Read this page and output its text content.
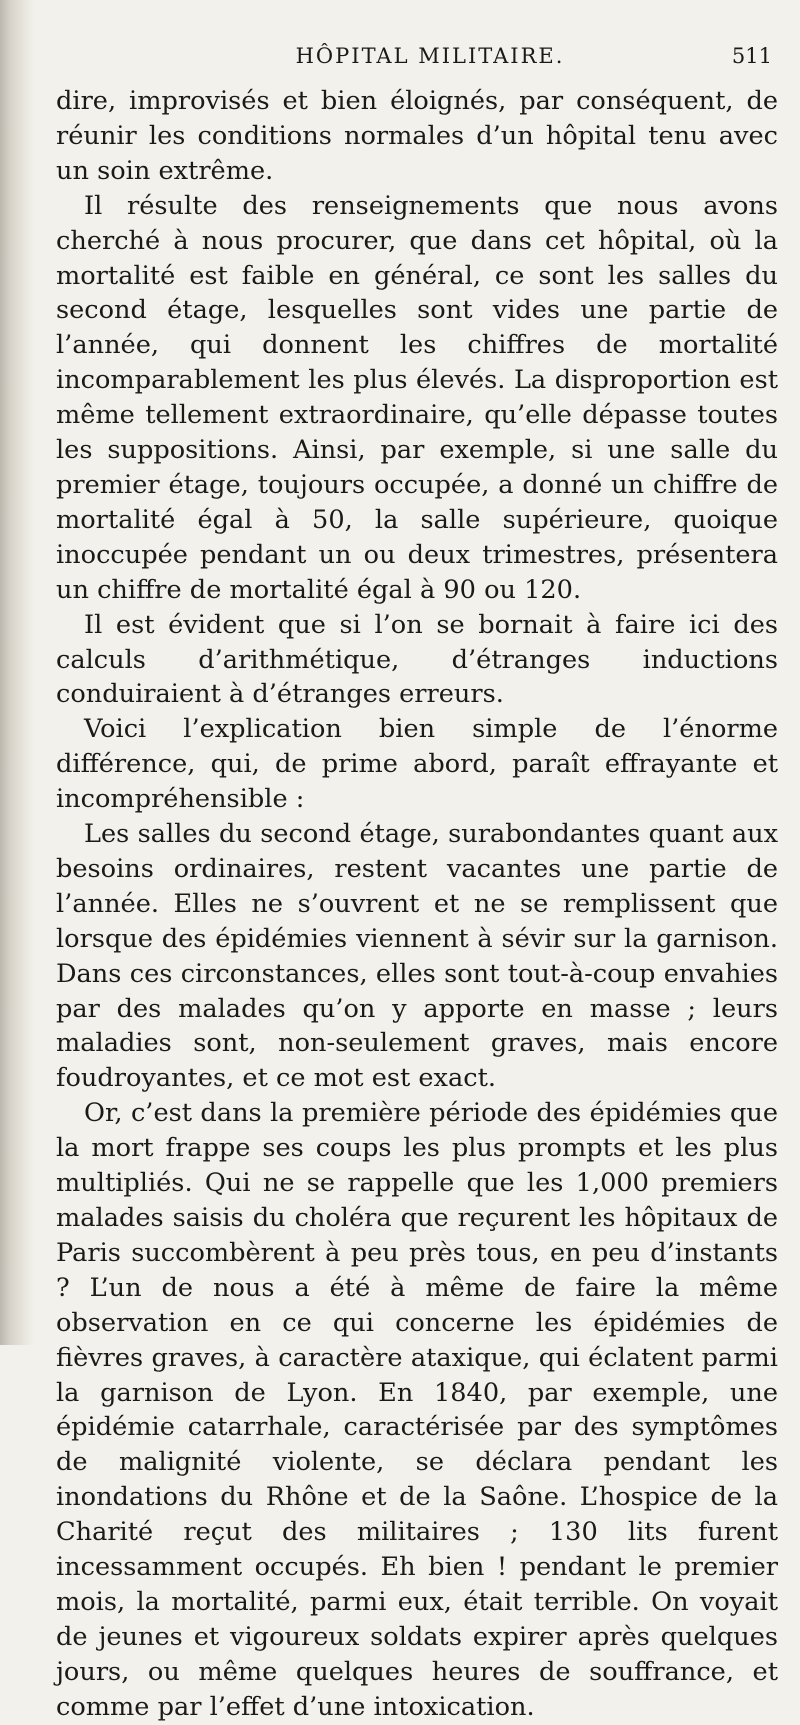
HÔPITAL MILITAIRE.	511

dire, improvisés et bien éloignés, par conséquent, de réunir les conditions normales d’un hôpital tenu avec un soin extrême.

Il résulte des renseignements que nous avons cherché à nous procurer, que dans cet hôpital, où la mortalité est faible en général, ce sont les salles du second étage, lesquelles sont vides une partie de l’année, qui donnent les chiffres de mortalité incomparablement les plus élevés. La disproportion est même tellement extraordinaire, qu’elle dépasse toutes les suppositions. Ainsi, par exemple, si une salle du premier étage, toujours occupée, a donné un chiffre de mortalité égal à 50, la salle supérieure, quoique inoccupée pendant un ou deux trimestres, présentera un chiffre de mortalité égal à 90 ou 120.

Il est évident que si l’on se bornait à faire ici des calculs d’arithmétique, d’étranges inductions conduiraient à d’étranges erreurs.

Voici l’explication bien simple de l’énorme différence, qui, de prime abord, paraît effrayante et incompréhensible :

Les salles du second étage, surabondantes quant aux besoins ordinaires, restent vacantes une partie de l’année. Elles ne s’ouvrent et ne se remplissent que lorsque des épidémies viennent à sévir sur la garnison. Dans ces circonstances, elles sont tout-à-coup envahies par des malades qu’on y apporte en masse ; leurs maladies sont, non-seulement graves, mais encore foudroyantes, et ce mot est exact.

Or, c’est dans la première période des épidémies que la mort frappe ses coups les plus prompts et les plus multipliés. Qui ne se rappelle que les 1,000 premiers malades saisis du choléra que reçurent les hôpitaux de Paris succombèrent à peu près tous, en peu d’instants ? L’un de nous a été à même de faire la même observation en ce qui concerne les épidémies de fièvres graves, à caractère ataxique, qui éclatent parmi la garnison de Lyon. En 1840, par exemple, une épidémie catarrhale, caractérisée par des symptômes de malignité violente, se déclara pendant les inondations du Rhône et de la Saône. L’hospice de la Charité reçut des militaires ; 130 lits furent incessamment occupés. Eh bien ! pendant le premier mois, la mortalité, parmi eux, était terrible. On voyait de jeunes et vigoureux soldats expirer après quelques jours, ou même quelques heures de souffrance, et comme par l’effet d’une intoxication.
